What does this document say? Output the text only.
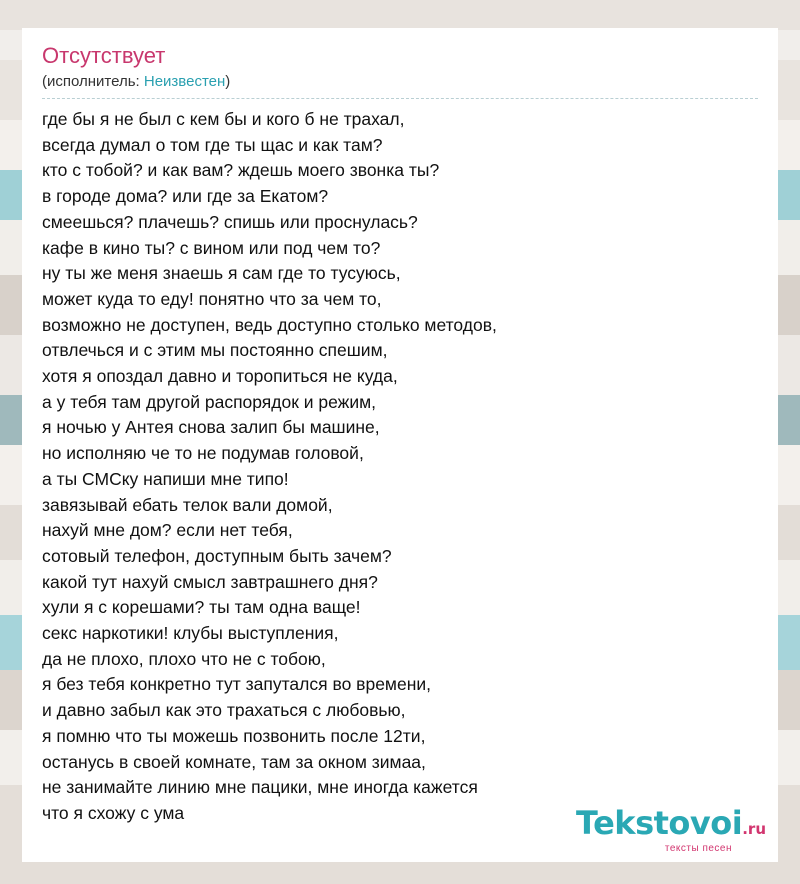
Отсутствует
(исполнитель: Неизвестен)
где бы я не был с кем бы и кого б не трахал,
всегда думал о том где ты щас и как там?
кто с тобой? и как вам? ждешь моего звонка ты?
в городе дома? или где за Екатом?
смеешься? плачешь? спишь или проснулась?
кафе в кино ты? с вином или под чем то?
ну ты же меня знаешь я сам где то тусуюсь,
может куда то еду! понятно что за чем то,
возможно не доступен, ведь доступно столько методов,
отвлечься и с этим мы постоянно спешим,
хотя я опоздал давно и торопиться не куда,
а у тебя там другой распорядок и режим,
я ночью у Антея снова залип бы машине,
но исполняю че то не подумав головой,
а ты СМСку напиши мне типо!
завязывай ебать телок вали домой,
нахуй мне дом? если нет тебя,
сотовый телефон, доступным быть зачем?
какой тут нахуй смысл завтрашнего дня?
хули я с корешами? ты там одна ваще!
секс наркотики! клубы выступления,
да не плохо, плохо что не с тобою,
я без тебя конкретно тут запутался во времени,
и давно забыл как это трахаться с любовью,
я помню что ты можешь позвонить после 12ти,
останусь в своей комнате, там за окном зимаа,
не занимайте линию мне пацики, мне иногда кажется
что я схожу с ума	Tekstovoi.ru
тексты песен
